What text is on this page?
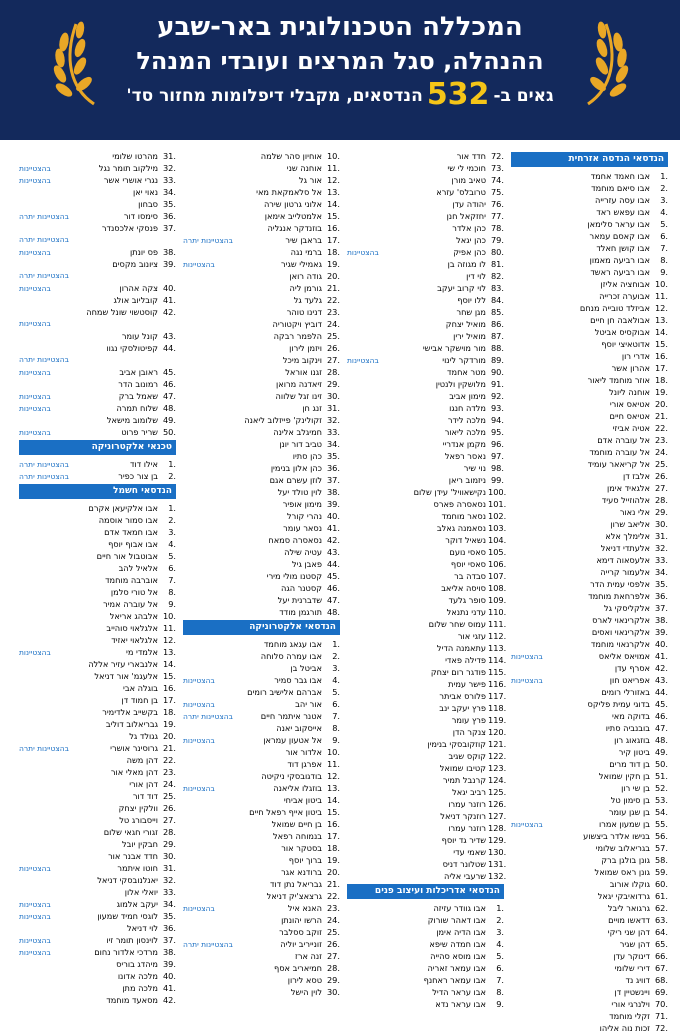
המכללה הטכנולוגית באר-שבע
ההנהלה, סגל המרצים ועובדי המנהל
גאים ב-532הנדסאים, מקבלי דיפלומות מחזור סד'
הנדסאי הנדסה אזרחית
1.
אבו חאמד אחמד
2.
אבו סיאם מוחמד
3.
אבו עסה עזרייה
4.
אבו עפאש ראד
5.
אבו עראר סלימאן
6.
אבו קאסם עמאר
7.
אבו קושן חאלד
8.
אבו רביעה מאמון
9.
אבו רביעה ראשד
10.
אבוחציה אליזן
11.
אבוערה זכרייה
12.
אביזלד טובייה מנחם
13.
אבולאבה חן חיים
14.
אבוקסיס אביטל
15.
אדוטאיצי יוסף
16.
אדרי רון
17.
אהרון אשר
18.
אוזר מוחמד ליאור
19.
אוחנה ליונל
20.
אטיאס אורי
21.
אטיאס חיים
22.
אטיה אביזי
23.
אל עוברה אדם
24.
אל עוברה מוחמד
25.
אל קריאאר עומיד
26.
אלבז דן
27.
אלגאיד אימן
28.
אלהוזייל סעיד
29.
אלי נאור
30.
אליאב שרון
31.
אלימלך אלא
32.
אלעתדי דניאל
33.
אלעסאוה דימא
34.
אלעמור קרייה
35.
אלפסי עמית הדר
36.
אלפרחאת מוחמד
37.
אלקליסקי גל
38.
אלקרינאוי לארס
39.
אלקרינאוי ואסים
40.
אלקרנאוי מוחמד
41.
אמויאס אליאס
בהצטיינות
42.
אסרף עדן
43.
אפריאט חון
בהצטיינות
44.
באזורלי רומים
45.
בדוגי עמית פליקס
46.
בדוקה מאי
47.
בובנביה סתיו
48.
בוזגאוג רון
49.
ביטון קיר
50.
בן דוד מרים
51.
בן חקין שמואל
52.
בן שי רון
53.
בן סימון טל
54.
בן שגן עומר
55.
בן שמעון אמרו
בהצטיינות
56.
בנישו אלדר ביצשוע
57.
בגריאלוב שלומי
58.
גונן בולגן ברק
59.
גונן ראס שמואל
60.
גוקלו אורוב
61.
גרדואיבקי יגאל
62.
גרגואר ליבל
63.
דדאשו מויים
64.
דהן שני ריקי
65.
דהן שגיר
66.
דינוקר עדן
67.
דירי שלומי
68.
דוויג נד
69.
ויינשטיין דן
70.
וילנרגי אורי
71.
זקלי מוחמד
72.
זכות נוה אליהו
72.
חדד אור
73.
חוכמי לי שי
74.
טאיב מורן
75.
טרובלס' עזרא
76.
יהודה עדן
77.
יחזקאל חנן
78.
כהן אלדר
79.
כהן יגאל
80.
כהן אפיק
בהצטיינות
81.
לו מגוזה בן
82.
לוי דין
83.
לוי קרוב יעקב
84.
ללו יוסף
85.
מגן שחר
86.
מואיל יצחק
87.
מואיל ירין
88.
מור מוישקר אבישי
89.
מורדקר לינוי
בהצטיינות
90.
מטר אחמד
91.
מלושקין ולנטין
92.
מימון אביב
93.
מלדה חנגו
94.
מלכה לידר
95.
מלכה ליאור
96.
מקמן אנדריי
97.
נאסר רפאל
98.
נוי שיר
99.
ניזמוב ריאן
100.
נקישאוויל' עידן שלום
101.
נסאסרה פארס
102.
נסאר מוחמד
103.
נסאמנה גאלב
104.
נשאיל דוקר
105.
סאסי נועם
106.
סאסי יוסף
107.
סבדה בר
108.
סויסה אליאב
109.
סופר גלעד
110.
עדני נתנאל
111.
עמוס שחר שלום
112.
עזגי אור
113.
עתאמנה הדיל
114.
פדילה פאדי
115.
פודגר רום יצחק
116.
פישר עמית
117.
פלורס אביתר
118.
פרץ יעקב ינב
119.
פרץ עומר
120.
צנקר הדן
121.
קוזקובסקי בנימין
122.
קוקס שגיב
123.
קטיבו שמואל
124.
קרנבל תמיר
125.
רביב יגאל
126.
רוזנר עמרו
127.
רוזנקר דניאל
128.
רוזנר עמרו
129.
שדיר גד יוסף
130.
שאמי עדי
131.
שטלונר דניס
132.
שרעבי אליה
הנדסאי אדריכלות ועיצוב פנים
1.
אבו גוודר עזיזה
2.
אבו דאהר שורוק
3.
אבו הדיה אימן
4.
אבו חמדה שיפא
5.
אבו מוסא סהייה
6.
אבו עמאר זאריה
7.
אבו עמאר ראחנף
8.
אבו עראר הדיל
9.
אבו עראר נדא
10.
אוחיון סהר שלמה
11.
אוחנה שני
12.
אור גל
13.
אל סלאמקאת מאי
14.
אלוני גרטון שירה
15.
אלמטלייב אימאן
16.
בוזנדקר אנגליה
17.
בראבן שיר
בהצטיינות יתרה
18.
ברמי נגה
19.
גאמילי שגיר
בהצטיינות
20.
גודה רואן
21.
גורמן ליה
22.
גלעד גל
23.
דנינו טוהר
24.
דוביץ ויקטוריה
25.
הלפמר רבקה
26.
ויזמן לירון
27.
וינקוב מיכל
28.
זגנו אוראל
29.
זיאדנה מרואן
30.
זינו זגל שלווה
31.
זנג חן
32.
זקולינק' פייזלוב ליאנה
33.
חמיגלב אלינה
34.
טביב דור יונן
35.
כהן סתיו
36.
כהן אלון בנימין
37.
לוזן עשרם אגם
38.
לוין טולד יעל
39.
מימון אופיר
40.
נהרי קורל
41.
נסאר עומר
42.
נסאסרה סמאח
43.
עטיה שילה
44.
פאבן גיל
45.
קסטנו מולי מירי
46.
קסטנר הגה
47.
שדברנית יעל
48.
תורגמן מודד
הנדסאי אלקטרוניקה
1.
אבו עגאג מוחמד
2.
אבו עמרה סלוחה
3.
אביטל בן
4.
אבו גבר סמיר
בהצטיינות
5.
אברהם אלישיב רומים
6.
אור יהב
בהצטיינות
7.
אטנר איתמר חיים
בהצטיינות יתרה
8.
אייסקוב יאנה
9.
אל אטעון עמראן
בהצטיינות
10.
אלדור אור
11.
אפרגן דוד
12.
בודגובסקי ניקיטה
13.
בוזגלו אליאנה
בהצטיינות
14.
ביטון אביחי
15.
ביטון אייף רפאל חיים
16.
בן חיים שמואל
17.
בנמוחה רפאל
18.
בסטקר אור
19.
ברוך יוסף
20.
ברודנא אגר
21.
גבריאל נתן דוד
22.
גרצאצ'יק דניאל
23.
האנא איל
בהצטיינות
24.
הרשו יהונתן
25.
זוקב ססלבר
26.
זונייריב יוליה
בהצטיינות יתרה
27.
זנה ארז
28.
חמיאריב אסף
29.
טסא לירון
30.
לוין הישל
31.
מהרטו שלומי
32.
מילקוב תומר נגל
בהצטיינות
33.
נגרי אושרי אשר
בהצטיינות
34.
נאוי יאן
35.
סבחון
36.
סימסו דור
בהצטיינות יתרה
37.
פנסקי אלכסנדר
בהצטיינות יתרה
38.
פס יונתן
בהצטיינות
39.
ציונוב מקסים
בהצטיינות יתרה
40.
צקה אהרון
בהצטיינות
41.
קובליוב אולג
42.
קוסטשוי שונל שמחה
בהצטיינות
43.
קונל עומר
44.
קפיטולסקי נגוו
בהצטיינות יתרה
45.
ראובן אביב
בהצטיינות
46.
רמונוב הדר
47.
שאמל ברק
בהצטיינות
48.
שלוח תמרה
בהצטיינות
49.
שלומוב מישאל
50.
שריר פרוט
בהצטיינות
טכנאי אלקטרוניקה
1.
אילו דוד
בהצטיינות יתרה
2.
בן צור כפיר
בהצטיינות יתרה
הנדסאי חשמל
1.
אבו אלקיעאן אקרם
2.
אבו סמור אוסמה
3.
אבו חמאד אדם
4.
אבו אבוף יוסף
5.
אבוטבול אור חיים
6.
אלאיל להב
7.
אוברבה מוחמד
8.
אל טורי סלמן
9.
אל עוברה אמיר
10.
אלבהג אריאל
11.
אלגלאוי סוהייב
12.
אלגלאוי יאזיד
13.
אלמדי מי
בהצטיינות
14.
אלנבארי עזיר אללה
15.
אלעגמ' אור דניאל
16.
בוגלה אבי
17.
בן חמוד דן
18.
בקשייב אלדימיר
19.
גבריאלוב דוליב
20.
גגולד גל
21.
גרוסינר אושרי
בהצטיינות יתרה
22.
דהן משה
23.
דהן מאלי אור
24.
דהן אורי
25.
דוד דור
26.
וולקין יצחק
27.
וייסבורג טל
28.
זגורי חגאי שלום
29.
חבקין יובל
30.
חדד אבנר אור
31.
חוטו איתמר
בהצטיינות
32.
יאנלנובסקי דניאל
33.
יואלי אלון
34.
יעקב אלמוג
בהצטיינות
35.
לוגסי חמיד שמעון
בהצטיינות
36.
לוי דניאל
37.
לוינסון תומר זיו
בהצטיינות
38.
מרדכי אלדור נחום
בהצטיינות
39.
מיהדג בוריס
40.
מלכה אדונו
41.
מלכה מתן
42.
מסאעד מוחמד
